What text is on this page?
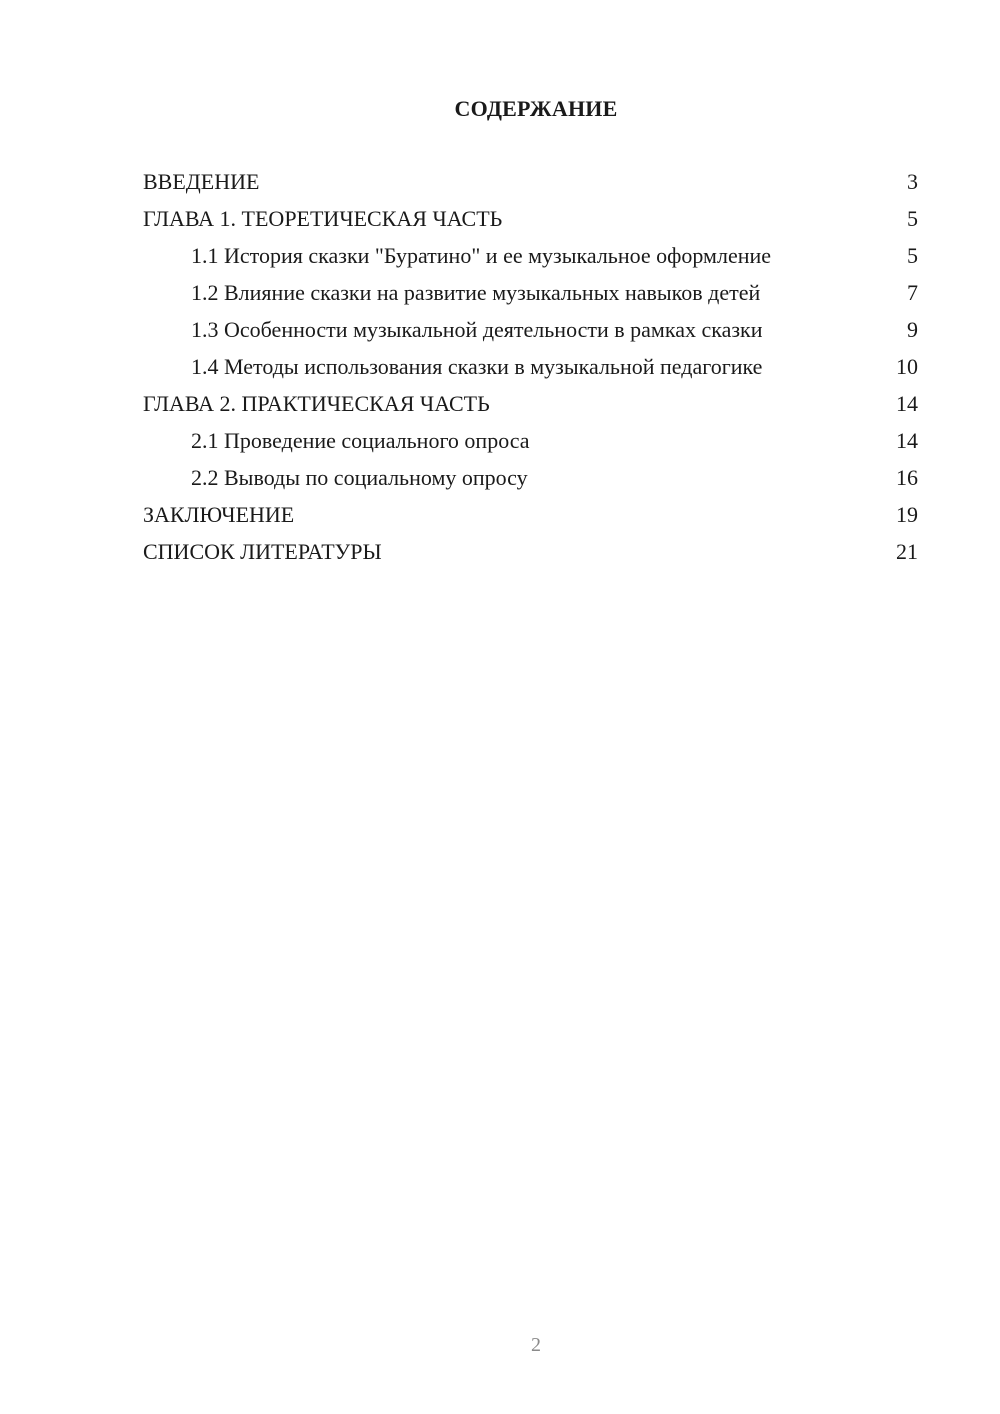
СОДЕРЖАНИЕ
ВВЕДЕНИЕ	3
ГЛАВА 1. ТЕОРЕТИЧЕСКАЯ ЧАСТЬ	5
1.1 История сказки "Буратино" и ее музыкальное оформление	5
1.2 Влияние сказки на развитие музыкальных навыков детей	7
1.3 Особенности музыкальной деятельности в рамках сказки	9
1.4 Методы использования сказки в музыкальной педагогике	10
ГЛАВА 2. ПРАКТИЧЕСКАЯ ЧАСТЬ	14
2.1 Проведение социального опроса	14
2.2 Выводы по социальному опросу	16
ЗАКЛЮЧЕНИЕ	19
СПИСОК ЛИТЕРАТУРЫ	21
2
